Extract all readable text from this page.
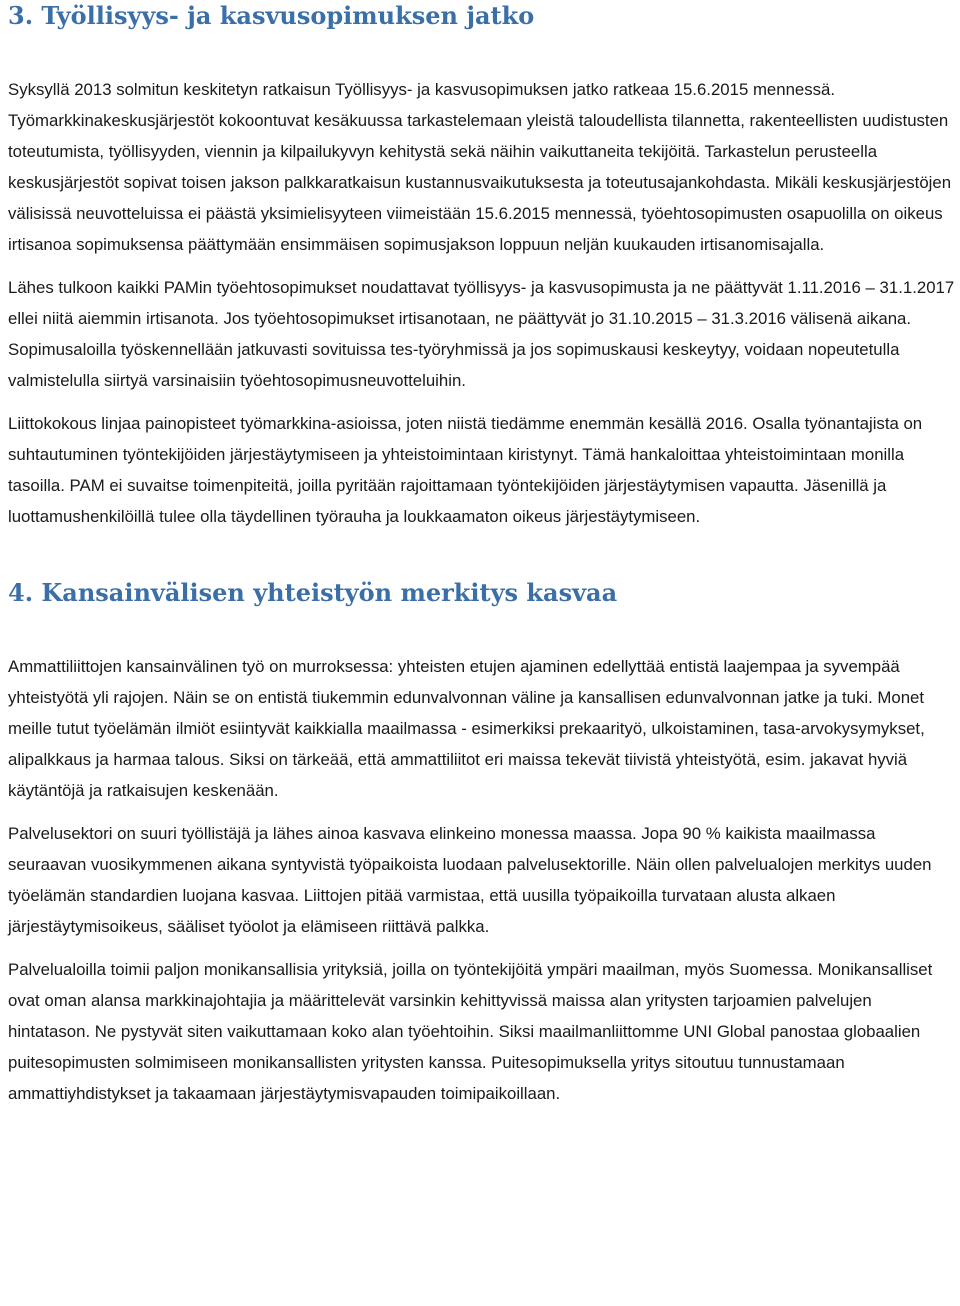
3. Työllisyys- ja kasvusopimuksen jatko

Syksyllä 2013 solmitun keskitetyn ratkaisun Työllisyys- ja kasvusopimuksen jatko ratkeaa 15.6.2015 mennessä. Työmarkkinakeskusjärjestöt kokoontuvat kesäkuussa tarkastelemaan yleistä taloudellista tilannetta, rakenteellisten uudistusten toteutumista, työllisyyden, viennin ja kilpailukyvyn kehitystä sekä näihin vaikuttaneita tekijöitä. Tarkastelun perusteella keskusjärjestöt sopivat toisen jakson palkkaratkaisun kustannusvaikutuksesta ja toteutusajankohdasta. Mikäli keskusjärjestöjen välisissä neuvotteluissa ei päästä yksimielisyyteen viimeistään 15.6.2015 mennessä, työehtosopimusten osapuolilla on oikeus irtisanoa sopimuksensa päättymään ensimmäisen sopimusjakson loppuun neljän kuukauden irtisanomisajalla.

Lähes tulkoon kaikki PAMin työehtosopimukset noudattavat työllisyys- ja kasvusopimusta ja ne päättyvät 1.11.2016 – 31.1.2017 ellei niitä aiemmin irtisanota. Jos työehtosopimukset irtisanotaan, ne päättyvät jo 31.10.2015 – 31.3.2016 välisenä aikana. Sopimusaloilla työskennellään jatkuvasti sovituissa tes-työryhmissä ja jos sopimuskausi keskeytyy, voidaan nopeutetulla valmistelulla siirtyä varsinaisiin työehtosopimusneuvotteluihin.

Liittokokous linjaa painopisteet työmarkkina-asioissa, joten niistä tiedämme enemmän kesällä 2016. Osalla työnantajista on suhtautuminen työntekijöiden järjestäytymiseen ja yhteistoimintaan kiristynyt. Tämä hankaloittaa yhteistoimintaan monilla tasoilla. PAM ei suvaitse toimenpiteitä, joilla pyritään rajoittamaan työntekijöiden järjestäytymisen vapautta. Jäsenillä ja luottamushenkilöillä tulee olla täydellinen työrauha ja loukkaamaton oikeus järjestäytymiseen.

4. Kansainvälisen yhteistyön merkitys kasvaa

Ammattiliittojen kansainvälinen työ on murroksessa: yhteisten etujen ajaminen edellyttää entistä laajempaa ja syvempää yhteistyötä yli rajojen. Näin se on entistä tiukemmin edunvalvonnan väline ja kansallisen edunvalvonnan jatke ja tuki. Monet meille tutut työelämän ilmiöt esiintyvät kaikkialla maailmassa - esimerkiksi prekaarityö, ulkoistaminen, tasa-arvokysymykset, alipalkkaus ja harmaa talous. Siksi on tärkeää, että ammattiliitot eri maissa tekevät tiivistä yhteistyötä, esim. jakavat hyviä käytäntöjä ja ratkaisujen keskenään.

Palvelusektori on suuri työllistäjä ja lähes ainoa kasvava elinkeino monessa maassa. Jopa 90 % kaikista maailmassa seuraavan vuosikymmenen aikana syntyvistä työpaikoista luodaan palvelusektorille. Näin ollen palvelualojen merkitys uuden työelämän standardien luojana kasvaa. Liittojen pitää varmistaa, että uusilla työpaikoilla turvataan alusta alkaen järjestäytymisoikeus, sääliset työolot ja elämiseen riittävä palkka.

Palvelualoilla toimii paljon monikansallisia yrityksiä, joilla on työntekijöitä ympäri maailman, myös Suomessa. Monikansalliset ovat oman alansa markkinajohtajia ja määrittelevät varsinkin kehittyvissä maissa alan yritysten tarjoamien palvelujen hintatason. Ne pystyvät siten vaikuttamaan koko alan työehtoihin. Siksi maailmanliittomme UNI Global panostaa globaalien puitesopimusten solmimiseen monikansallisten yritysten kanssa. Puitesopimuksella yritys sitoutuu tunnustamaan ammattiyhdistykset ja takaamaan järjestäytymisvapauden toimipaikoillaan.
